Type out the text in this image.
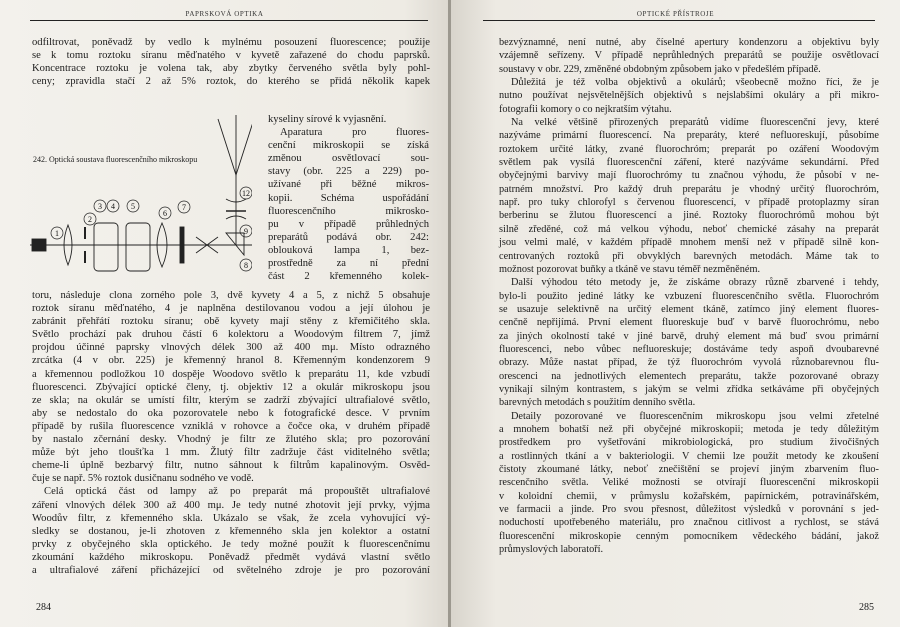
PAPRSKOVÁ OPTIKA
odfiltrovat, poněvadž by vedlo k mylnému posouzení fluorescence; použije
se k tomu roztoku síranu měďnatého v kyvetě zařazené do chodu paprsků.
Koncentrace roztoku je volena tak, aby zbytky červeného světla byly pohl-
ceny; zpravidla stačí 2 až 5% roztok, do kterého se přidá několik kapek
242. Optická soustava fluorescenčního mikroskopu
1
2
3 4 5
6
7
8
9
12
kyseliny sírové k vyjasnění.
Aparatura pro fluores-
cenční mikroskopii se získá
změnou osvětlovací sou-
stavy (obr. 225 a 229) po-
užívané při běžné mikros-
kopii. Schéma uspořádání
fluorescenčního mikrosko-
pu v případě průhledných
preparátů podává obr. 242:
oblouková lampa 1, bez-
prostředně za ní přední
část 2 křemenného kolek-
toru, následuje clona zorného pole 3, dvě kyvety 4 a 5, z nichž 5 obsahuje
roztok síranu měďnatého, 4 je naplněna destilovanou vodou a její úlohou je
zabránit přehřátí roztoku síranu; obě kyvety mají stěny z křemičitého skla.
Světlo prochází pak druhou částí 6 kolektoru a Woodovým filtrem 7, jímž
projdou účinné paprsky vlnových délek 300 až 400 mμ. Místo odrazného
zrcátka (4 v obr. 225) je křemenný hranol 8. Křemenným kondenzorem 9
a křemennou podložkou 10 dospěje Woodovo světlo k preparátu 11, kde vzbudí
fluorescenci. Zbývající optické členy, tj. objektiv 12 a okulár mikroskopu jsou
ze skla; na okulár se umístí filtr, kterým se zadrží zbývající ultrafialové světlo,
aby se nedostalo do oka pozorovatele nebo k fotografické desce. V prvním
případě by rušila fluorescence vzniklá v rohovce a čočce oka, v druhém případě
by nastalo zčernání desky. Vhodný je filtr ze žlutého skla; pro pozorování
může být jeho tloušťka 1 mm. Žlutý filtr zadržuje část viditelného světla;
cheme-li úplně bezbarvý filtr, nutno sáhnout k filtrům kapalinovým. Osvěd-
čuje se např. 5% roztok dusičnanu sodného ve vodě.
Celá optická část od lampy až po preparát má propouštět ultrafialové
záření vlnových délek 300 až 400 mμ. Je tedy nutné zhotovit její prvky, výjma
Woodův filtr, z křemenného skla. Ukázalo se však, že zcela vyhovující vý-
sledky se dostanou, je-li zhotoven z křemenného skla jen kolektor a ostatní
prvky z obyčejného skla optického. Je tedy možné použít k fluorescenčnímu
zkoumání každého mikroskopu. Poněvadž předmět vydává vlastní světlo
a ultrafialové záření přicházející od světelného zdroje je pro pozorování
284
OPTICKÉ PŘÍSTROJE
bezvýznamné, není nutné, aby číselné apertury kondenzoru a objektivu byly
vzájemně seřízeny. V případě neprůhledných preparátů se použije osvětlovací
soustavy v obr. 229, změněné obdobným způsobem jako v předešlém případě.
Důležitá je též volba objektivů a okulárů; všeobecně možno říci, že je
nutno používat nejsvětelnějších objektivů s nejslabšími okuláry a při mikro-
fotografii komory o co nejkratším výtahu.
Na velké většině přirozených preparátů vidíme fluorescenční jevy, které
nazýváme primární fluorescencí. Na preparáty, které nefluoreskují, působíme
roztokem určité látky, zvané fluorochróm; preparát po ozáření Woodovým
světlem pak vysílá fluorescenční záření, které nazýváme sekundární. Před
obyčejnými barvivy mají fluorochrómy tu značnou výhodu, že působí v ne-
patrném množství. Pro každý druh preparátu je vhodný určitý fluorochróm,
např. pro tuky chlorofyl s červenou fluorescencí, v případě protoplazmy síran
berberinu se žlutou fluorescencí a jiné. Roztoky fluorochrómů mohou být
silně zředěné, což má velkou výhodu, neboť chemické zásahy na preparát
jsou velmi malé, v každém případě mnohem menší než v případě silně kon-
centrovaných roztoků při obvyklých barevných metodách. Máme tak to
možnost pozorovat buňky a tkáně ve stavu téměř nezměněném.
Další výhodou této metody je, že získáme obrazy různě zbarvené i tehdy,
bylo-li použito jediné látky ke vzbuzení fluorescenčního světla. Fluorochróm
se usazuje selektivně na určitý element tkáně, zatímco jiný element fluores-
cenčně nepřijímá. První element fluoreskuje buď v barvě fluorochrómu, nebo
za jiných okolností také v jiné barvě, druhý element má buď svou primární
fluorescenci, nebo vůbec nefluoreskuje; dostáváme tedy aspoň dvoubarevné
obrazy. Může nastat případ, že týž fluorochróm vyvolá různobarevnou flu-
orescenci na jednotlivých elementech preparátu, takže pozorované obrazy
vynikají silným kontrastem, s jakým se velmi zřídka setkáváme při obyčejných
barevných metodách s použitím denního světla.
Detaily pozorované ve fluorescenčním mikroskopu jsou velmi zřetelné
a mnohem bohatší než při obyčejné mikroskopii; metoda je tedy důležitým
prostředkem pro vyšetřování mikrobiologická, pro studium živočišných
a rostlinných tkání a v bakteriologii. V chemii lze použít metody ke zkoušení
čistoty zkoumané látky, neboť znečištění se projeví jiným zbarvením fluo-
rescenčního světla. Veliké možnosti se otvírají fluorescenční mikroskopii
v koloidní chemii, v průmyslu kožařském, papírnickém, potravinářském,
ve farmacii a jinde. Pro svou přesnost, důležitost výsledků v porovnání s jed-
noduchostí upotřebeného materiálu, pro značnou citlivost a rychlost, se stává
fluorescenční mikroskopie cenným pomocníkem vědeckého bádání, jakož
průmyslových laboratoří.
285
